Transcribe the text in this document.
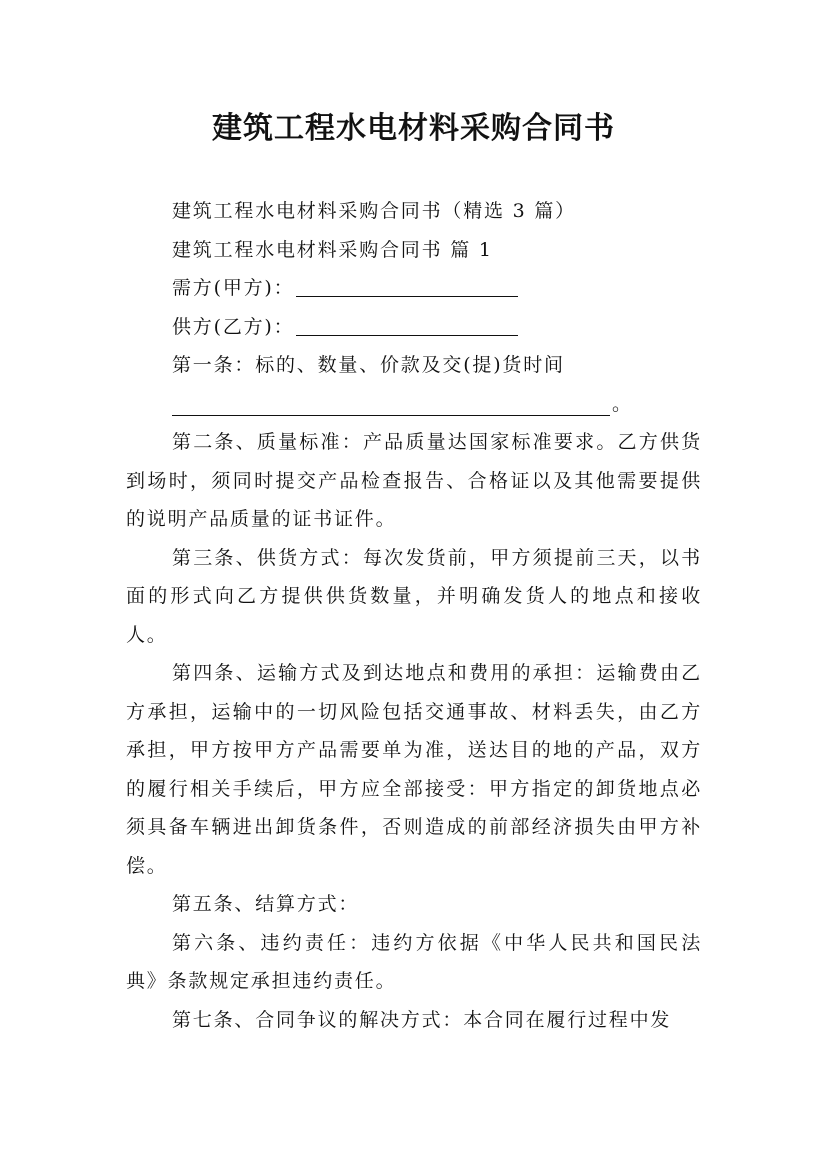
建筑工程水电材料采购合同书
建筑工程水电材料采购合同书（精选 3 篇）
建筑工程水电材料采购合同书 篇 1
需方(甲方)：
供方(乙方)：
第一条：标的、数量、价款及交(提)货时间
。

第二条、质量标准：产品质量达国家标准要求。乙方供货到场时，须同时提交产品检查报告、合格证以及其他需要提供的说明产品质量的证书证件。

第三条、供货方式：每次发货前，甲方须提前三天，以书面的形式向乙方提供供货数量，并明确发货人的地点和接收人。

第四条、运输方式及到达地点和费用的承担：运输费由乙方承担，运输中的一切风险包括交通事故、材料丢失，由乙方承担，甲方按甲方产品需要单为准，送达目的地的产品，双方的履行相关手续后，甲方应全部接受：甲方指定的卸货地点必须具备车辆进出卸货条件，否则造成的前部经济损失由甲方补偿。

第五条、结算方式：

第六条、违约责任：违约方依据《中华人民共和国民法典》条款规定承担违约责任。

第七条、合同争议的解决方式：本合同在履行过程中发
